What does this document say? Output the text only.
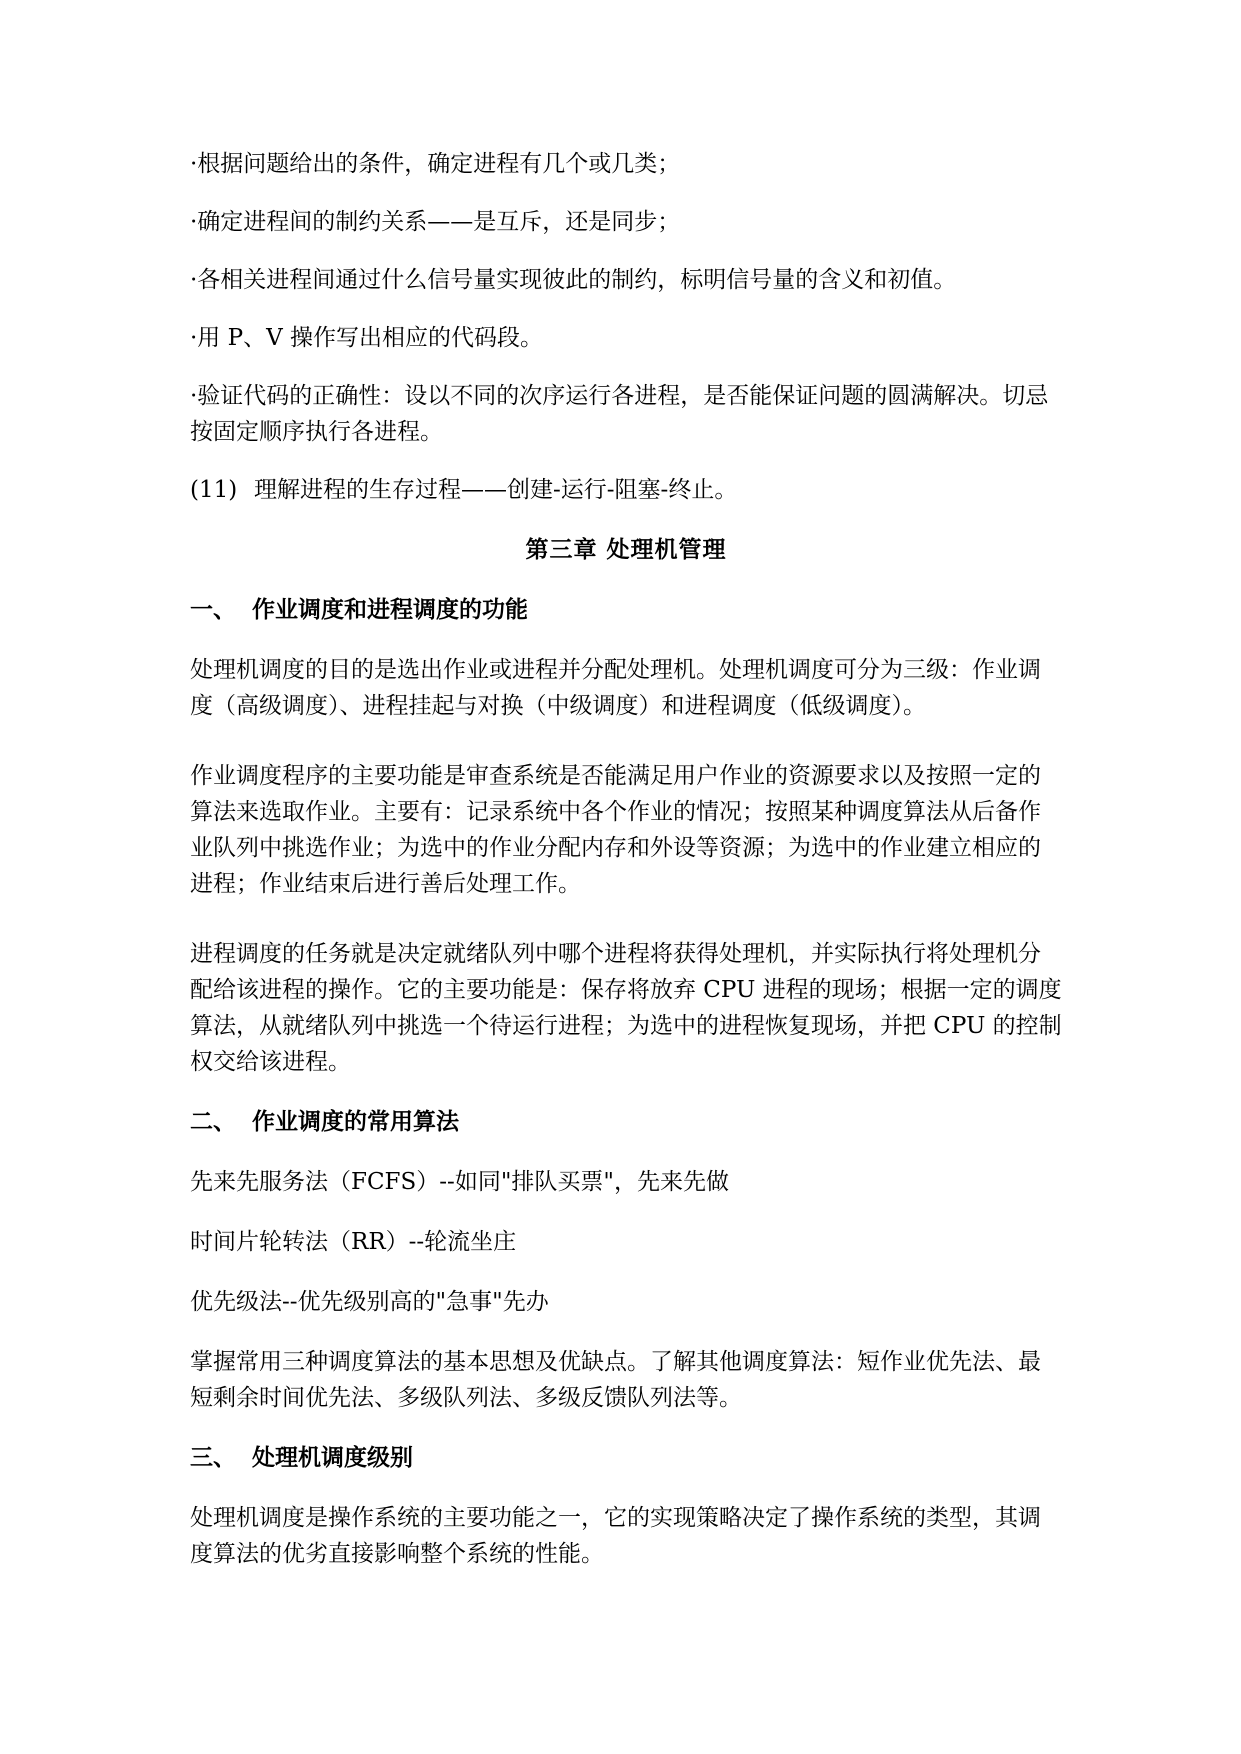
·根据问题给出的条件，确定进程有几个或几类；

·确定进程间的制约关系——是互斥，还是同步；

·各相关进程间通过什么信号量实现彼此的制约，标明信号量的含义和初值。

·用 P、V 操作写出相应的代码段。

·验证代码的正确性：设以不同的次序运行各进程，是否能保证问题的圆满解决。切忌　按固定顺序执行各进程。

(11) 理解进程的生存过程——创建-运行-阻塞-终止。
第三章 处理机管理
一、 作业调度和进程调度的功能

处理机调度的目的是选出作业或进程并分配处理机。处理机调度可分为三级：作业调度（高级调度）、进程挂起与对换（中级调度）和进程调度（低级调度）。

作业调度程序的主要功能是审查系统是否能满足用户作业的资源要求以及按照一定的算法来选取作业。主要有：记录系统中各个作业的情况；按照某种调度算法从后备作业队列中挑选作业；为选中的作业分配内存和外设等资源；为选中的作业建立相应的进程；作业结束后进行善后处理工作。

进程调度的任务就是决定就绪队列中哪个进程将获得处理机，并实际执行将处理机分配给该进程的操作。它的主要功能是：保存将放弃 CPU 进程的现场；根据一定的调度算法，从就绪队列中挑选一个待运行进程；为选中的进程恢复现场，并把 CPU 的控制权交给该进程。

二、 作业调度的常用算法

先来先服务法（FCFS）--如同"排队买票"，先来先做

时间片轮转法（RR）--轮流坐庄

优先级法--优先级别高的"急事"先办

掌握常用三种调度算法的基本思想及优缺点。了解其他调度算法：短作业优先法、最短剩余时间优先法、多级队列法、多级反馈队列法等。

三、 处理机调度级别

处理机调度是操作系统的主要功能之一，它的实现策略决定了操作系统的类型，其调度算法的优劣直接影响整个系统的性能。
